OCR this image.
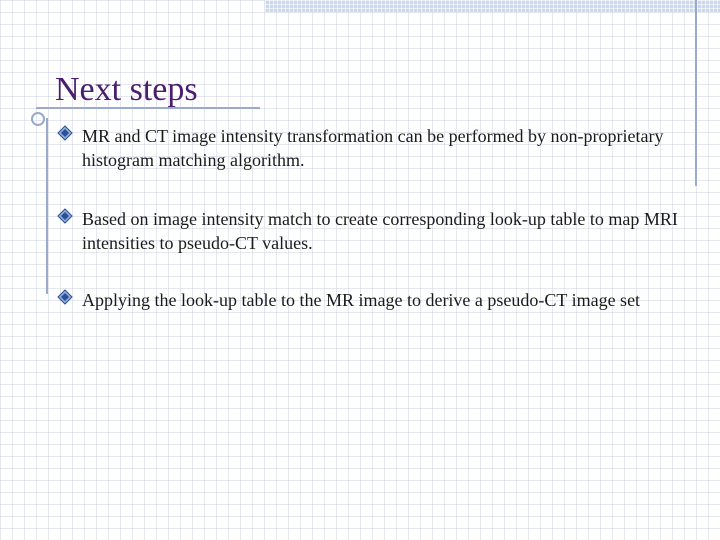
Next steps
MR and CT image intensity transformation can be performed by non-proprietary histogram matching algorithm.
Based on image intensity match to create corresponding look-up table to map MRI intensities to pseudo-CT values.
Applying the look-up table to the MR image to derive a pseudo-CT image set
